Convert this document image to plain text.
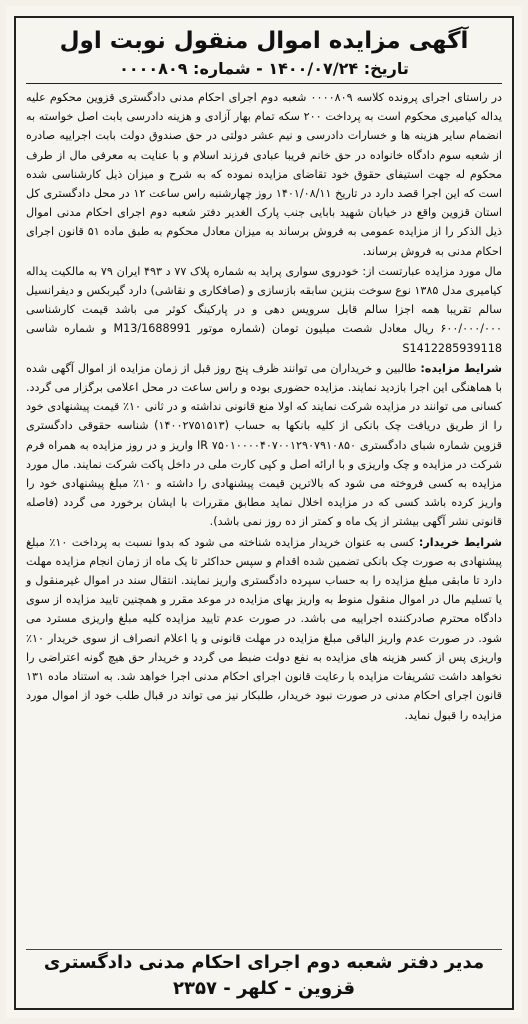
آگهی مزایده اموال منقول نوبت اول
تاریخ: ۱۴۰۰/۰۷/۲۴ - شماره: ۰۰۰۰۸۰۹

در راستای اجرای پرونده کلاسه ۰۰۰۰۸۰۹ شعبه دوم اجرای احکام مدنی دادگستری قزوین محکوم علیه یداله کیامیری محکوم است به پرداخت ۲۰۰ سکه تمام بهار آزادی و هزینه دادرسی بابت اصل خواسته به انضمام سایر هزینه ها و خسارات دادرسی و نیم عشر دولتی در حق صندوق دولت بابت اجراییه صادره از شعبه سوم دادگاه خانواده در حق خانم فریبا عبادی فرزند اسلام و با عنایت به معرفی مال از طرف محکوم له جهت استیفای حقوق خود تقاضای مزایده نموده که به شرح و میزان ذیل کارشناسی شده است که این اجرا قصد دارد در تاریخ ۱۴۰۱/۰۸/۱۱ روز چهارشنبه راس ساعت ۱۲ در محل دادگستری کل استان قزوین واقع در خیابان شهید بابایی جنب پارک الغدیر دفتر شعبه دوم اجرای احکام مدنی اموال ذیل الذکر را از مزایده عمومی به فروش برساند به میزان معادل محکوم به طبق ماده ۵۱ قانون اجرای احکام مدنی به فروش برساند.

مال مورد مزایده عبارتست از: خودروی سواری پراید به شماره پلاک ۷۷ د ۴۹۳ ایران ۷۹ به مالکیت یداله کیامیری مدل ۱۳۸۵ نوع سوخت بنزین سابقه بازسازی و (صافکاری و نقاشی) دارد گیربکس و دیفرانسیل سالم تقریبا همه اجزا سالم قابل سرویس دهی و در پارکینگ کوثر می باشد قیمت کارشناسی ۶۰۰/۰۰۰/۰۰۰ ریال معادل شصت میلیون تومان (شماره موتور M13/1688991 و شماره شاسی S1412285939118

شرایط مزایده: طالبین و خریداران می توانند ظرف پنج روز قبل از زمان مزایده از اموال آگهی شده با هماهنگی این اجرا بازدید نمایند. مزایده حضوری بوده و راس ساعت در محل اعلامی برگزار می گردد. کسانی می توانند در مزایده شرکت نمایند که اولا منع قانونی نداشته و در ثانی ۱۰٪ قیمت پیشنهادی خود را از طریق دریافت چک بانکی از کلیه بانکها به حساب (۱۴۰۰۲۷۵۱۵۱۳) شناسه حقوقی دادگستری قزوین شماره شبای دادگستری IR ۷۵۰۱۰۰۰۰۴۰۷۰۰۱۲۹۰۷۹۱۰۸۵۰ واریز و در روز مزایده به همراه فرم شرکت در مزایده و چک واریزی و با ارائه اصل و کپی کارت ملی در داخل پاکت شرکت نمایند. مال مورد مزایده به کسی فروخته می شود که بالاترین قیمت پیشنهادی را داشته و ۱۰٪ مبلغ پیشنهادی خود را واریز کرده باشد کسی که در مزایده اخلال نماید مطابق مقررات با ایشان برخورد می گردد (فاصله قانونی نشر آگهی بیشتر از یک ماه و کمتر از ده روز نمی باشد).

شرایط خریدار: کسی به عنوان خریدار مزایده شناخته می شود که بدوا نسبت به پرداخت ۱۰٪ مبلغ پیشنهادی به صورت چک بانکی تضمین شده اقدام و سپس حداکثر تا یک ماه از زمان انجام مزایده مهلت دارد تا مابقی مبلغ مزایده را به حساب سپرده دادگستری واریز نمایند. انتقال سند در اموال غیرمنقول و یا تسلیم مال در اموال منقول منوط به واریز بهای مزایده در موعد مقرر و همچنین تایید مزایده از سوی دادگاه محترم صادرکننده اجراییه می باشد. در صورت عدم تایید مزایده کلیه مبلغ واریزی مسترد می شود. در صورت عدم واریز الباقی مبلغ مزایده در مهلت قانونی و یا اعلام انصراف از سوی خریدار ۱۰٪ واریزی پس از کسر هزینه های مزایده به نفع دولت ضبط می گردد و خریدار حق هیچ گونه اعتراضی را نخواهد داشت تشریفات مزایده با رعایت قانون اجرای احکام مدنی اجرا خواهد شد. به استناد ماده ۱۳۱ قانون اجرای احکام مدنی در صورت نبود خریدار، طلبکار نیز می تواند در قبال طلب خود از اموال مورد مزایده را قبول نماید.

مدیر دفتر شعبه دوم اجرای احکام مدنی دادگستری قزوین - کلهر - ۲۳۵۷
